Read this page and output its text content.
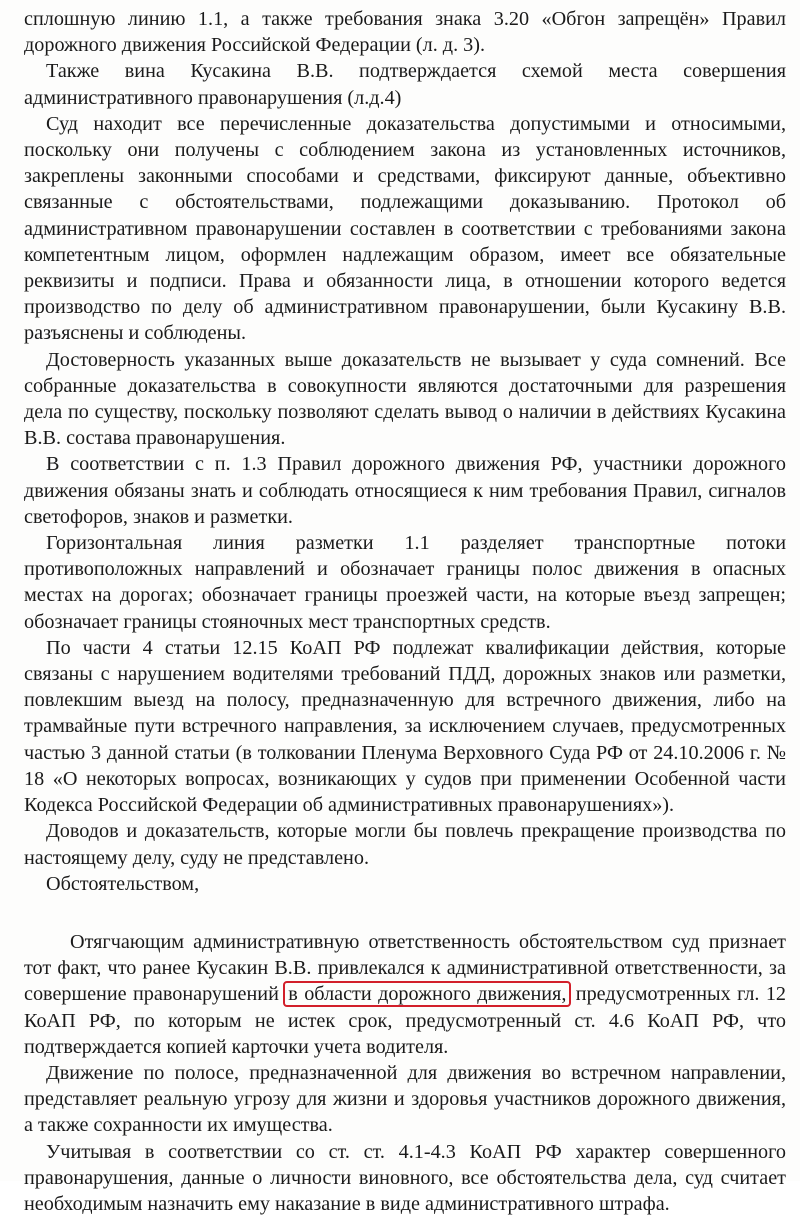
сплошную линию 1.1, а также требования знака 3.20 «Обгон запрещён» Правил дорожного движения Российской Федерации (л. д. 3).

Также вина Кусакина В.В. подтверждается схемой места совершения административного правонарушения (л.д.4)

Суд находит все перечисленные доказательства допустимыми и относимыми, поскольку они получены с соблюдением закона из установленных источников, закреплены законными способами и средствами, фиксируют данные, объективно связанные с обстоятельствами, подлежащими доказыванию. Протокол об административном правонарушении составлен в соответствии с требованиями закона компетентным лицом, оформлен надлежащим образом, имеет все обязательные реквизиты и подписи. Права и обязанности лица, в отношении которого ведется производство по делу об административном правонарушении, были Кусакину В.В. разъяснены и соблюдены.

Достоверность указанных выше доказательств не вызывает у суда сомнений. Все собранные доказательства в совокупности являются достаточными для разрешения дела по существу, поскольку позволяют сделать вывод о наличии в действиях Кусакина В.В. состава правонарушения.

В соответствии с п. 1.3 Правил дорожного движения РФ, участники дорожного движения обязаны знать и соблюдать относящиеся к ним требования Правил, сигналов светофоров, знаков и разметки.

Горизонтальная линия разметки 1.1 разделяет транспортные потоки противоположных направлений и обозначает границы полос движения в опасных местах на дорогах; обозначает границы проезжей части, на которые въезд запрещен; обозначает границы стояночных мест транспортных средств.

По части 4 статьи 12.15 КоАП РФ подлежат квалификации действия, которые связаны с нарушением водителями требований ПДД, дорожных знаков или разметки, повлекшим выезд на полосу, предназначенную для встречного движения, либо на трамвайные пути встречного направления, за исключением случаев, предусмотренных частью 3 данной статьи (в толковании Пленума Верховного Суда РФ от 24.10.2006 г. № 18 «О некоторых вопросах, возникающих у судов при применении Особенной части Кодекса Российской Федерации об административных правонарушениях»).

Доводов и доказательств, которые могли бы повлечь прекращение производства по настоящему делу, суду не представлено.

Обстоятельством,

Отягчающим административную ответственность обстоятельством суд признает тот факт, что ранее Кусакин В.В. привлекался к административной ответственности, за совершение правонарушений в области дорожного движения, предусмотренных гл. 12 КоАП РФ, по которым не истек срок, предусмотренный ст. 4.6 КоАП РФ, что подтверждается копией карточки учета водителя.

Движение по полосе, предназначенной для движения во встречном направлении, представляет реальную угрозу для жизни и здоровья участников дорожного движения, а также сохранности их имущества.

Учитывая в соответствии со ст. ст. 4.1-4.3 КоАП РФ характер совершенного правонарушения, данные о личности виновного, все обстоятельства дела, суд считает необходимым назначить ему наказание в виде административного штрафа.
